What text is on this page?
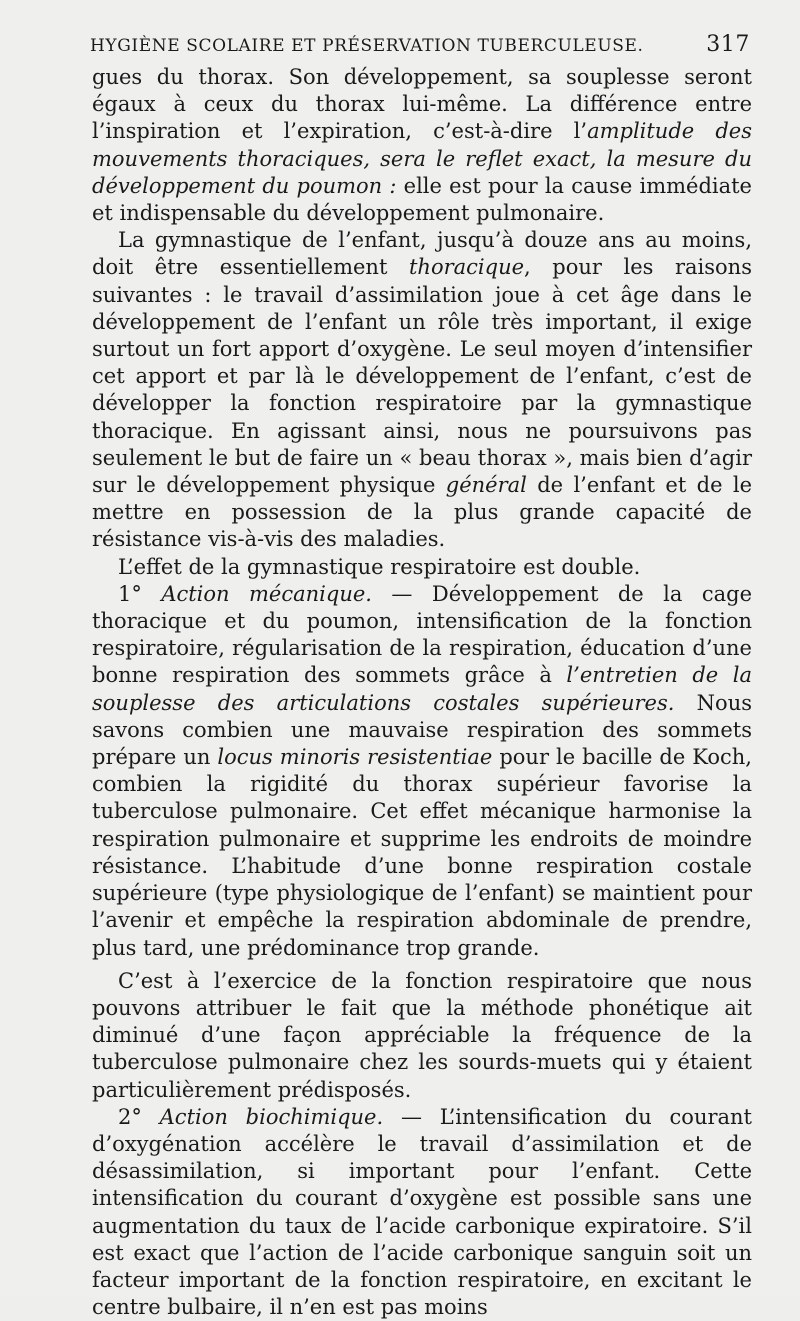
HYGIÈNE SCOLAIRE ET PRÉSERVATION TUBERCULEUSE.	317

gues du thorax. Son développement, sa souplesse seront égaux à ceux du thorax lui-même. La différence entre l’inspiration et l’expiration, c’est-à-dire l’amplitude des mouvements thoraciques, sera le reflet exact, la mesure du développement du poumon : elle est pour la cause immédiate et indispensable du développement pulmonaire.

La gymnastique de l’enfant, jusqu’à douze ans au moins, doit être essentiellement thoracique, pour les raisons suivantes : le travail d’assimilation joue à cet âge dans le développement de l’enfant un rôle très important, il exige surtout un fort apport d’oxygène. Le seul moyen d’intensifier cet apport et par là le développement de l’enfant, c’est de développer la fonction respiratoire par la gymnastique thoracique. En agissant ainsi, nous ne poursuivons pas seulement le but de faire un « beau thorax », mais bien d’agir sur le développement physique général de l’enfant et de le mettre en possession de la plus grande capacité de résistance vis-à-vis des maladies.

L’effet de la gymnastique respiratoire est double.

1° Action mécanique. — Développement de la cage thoracique et du poumon, intensification de la fonction respiratoire, régularisation de la respiration, éducation d’une bonne respiration des sommets grâce à l’entretien de la souplesse des articulations costales supérieures. Nous savons combien une mauvaise respiration des sommets prépare un locus minoris resistentiae pour le bacille de Koch, combien la rigidité du thorax supérieur favorise la tuberculose pulmonaire. Cet effet mécanique harmonise la respiration pulmonaire et supprime les endroits de moindre résistance. L’habitude d’une bonne respiration costale supérieure (type physiologique de l’enfant) se maintient pour l’avenir et empêche la respiration abdominale de prendre, plus tard, une prédominance trop grande.

C’est à l’exercice de la fonction respiratoire que nous pouvons attribuer le fait que la méthode phonétique ait diminué d’une façon appréciable la fréquence de la tuberculose pulmonaire chez les sourds-muets qui y étaient particulièrement prédisposés.

2° Action biochimique. — L’intensification du courant d’oxygénation accélère le travail d’assimilation et de désassimilation, si important pour l’enfant. Cette intensification du courant d’oxygène est possible sans une augmentation du taux de l’acide carbonique expiratoire. S’il est exact que l’action de l’acide carbonique sanguin soit un facteur important de la fonction respiratoire, en excitant le centre bulbaire, il n’en est pas moins
